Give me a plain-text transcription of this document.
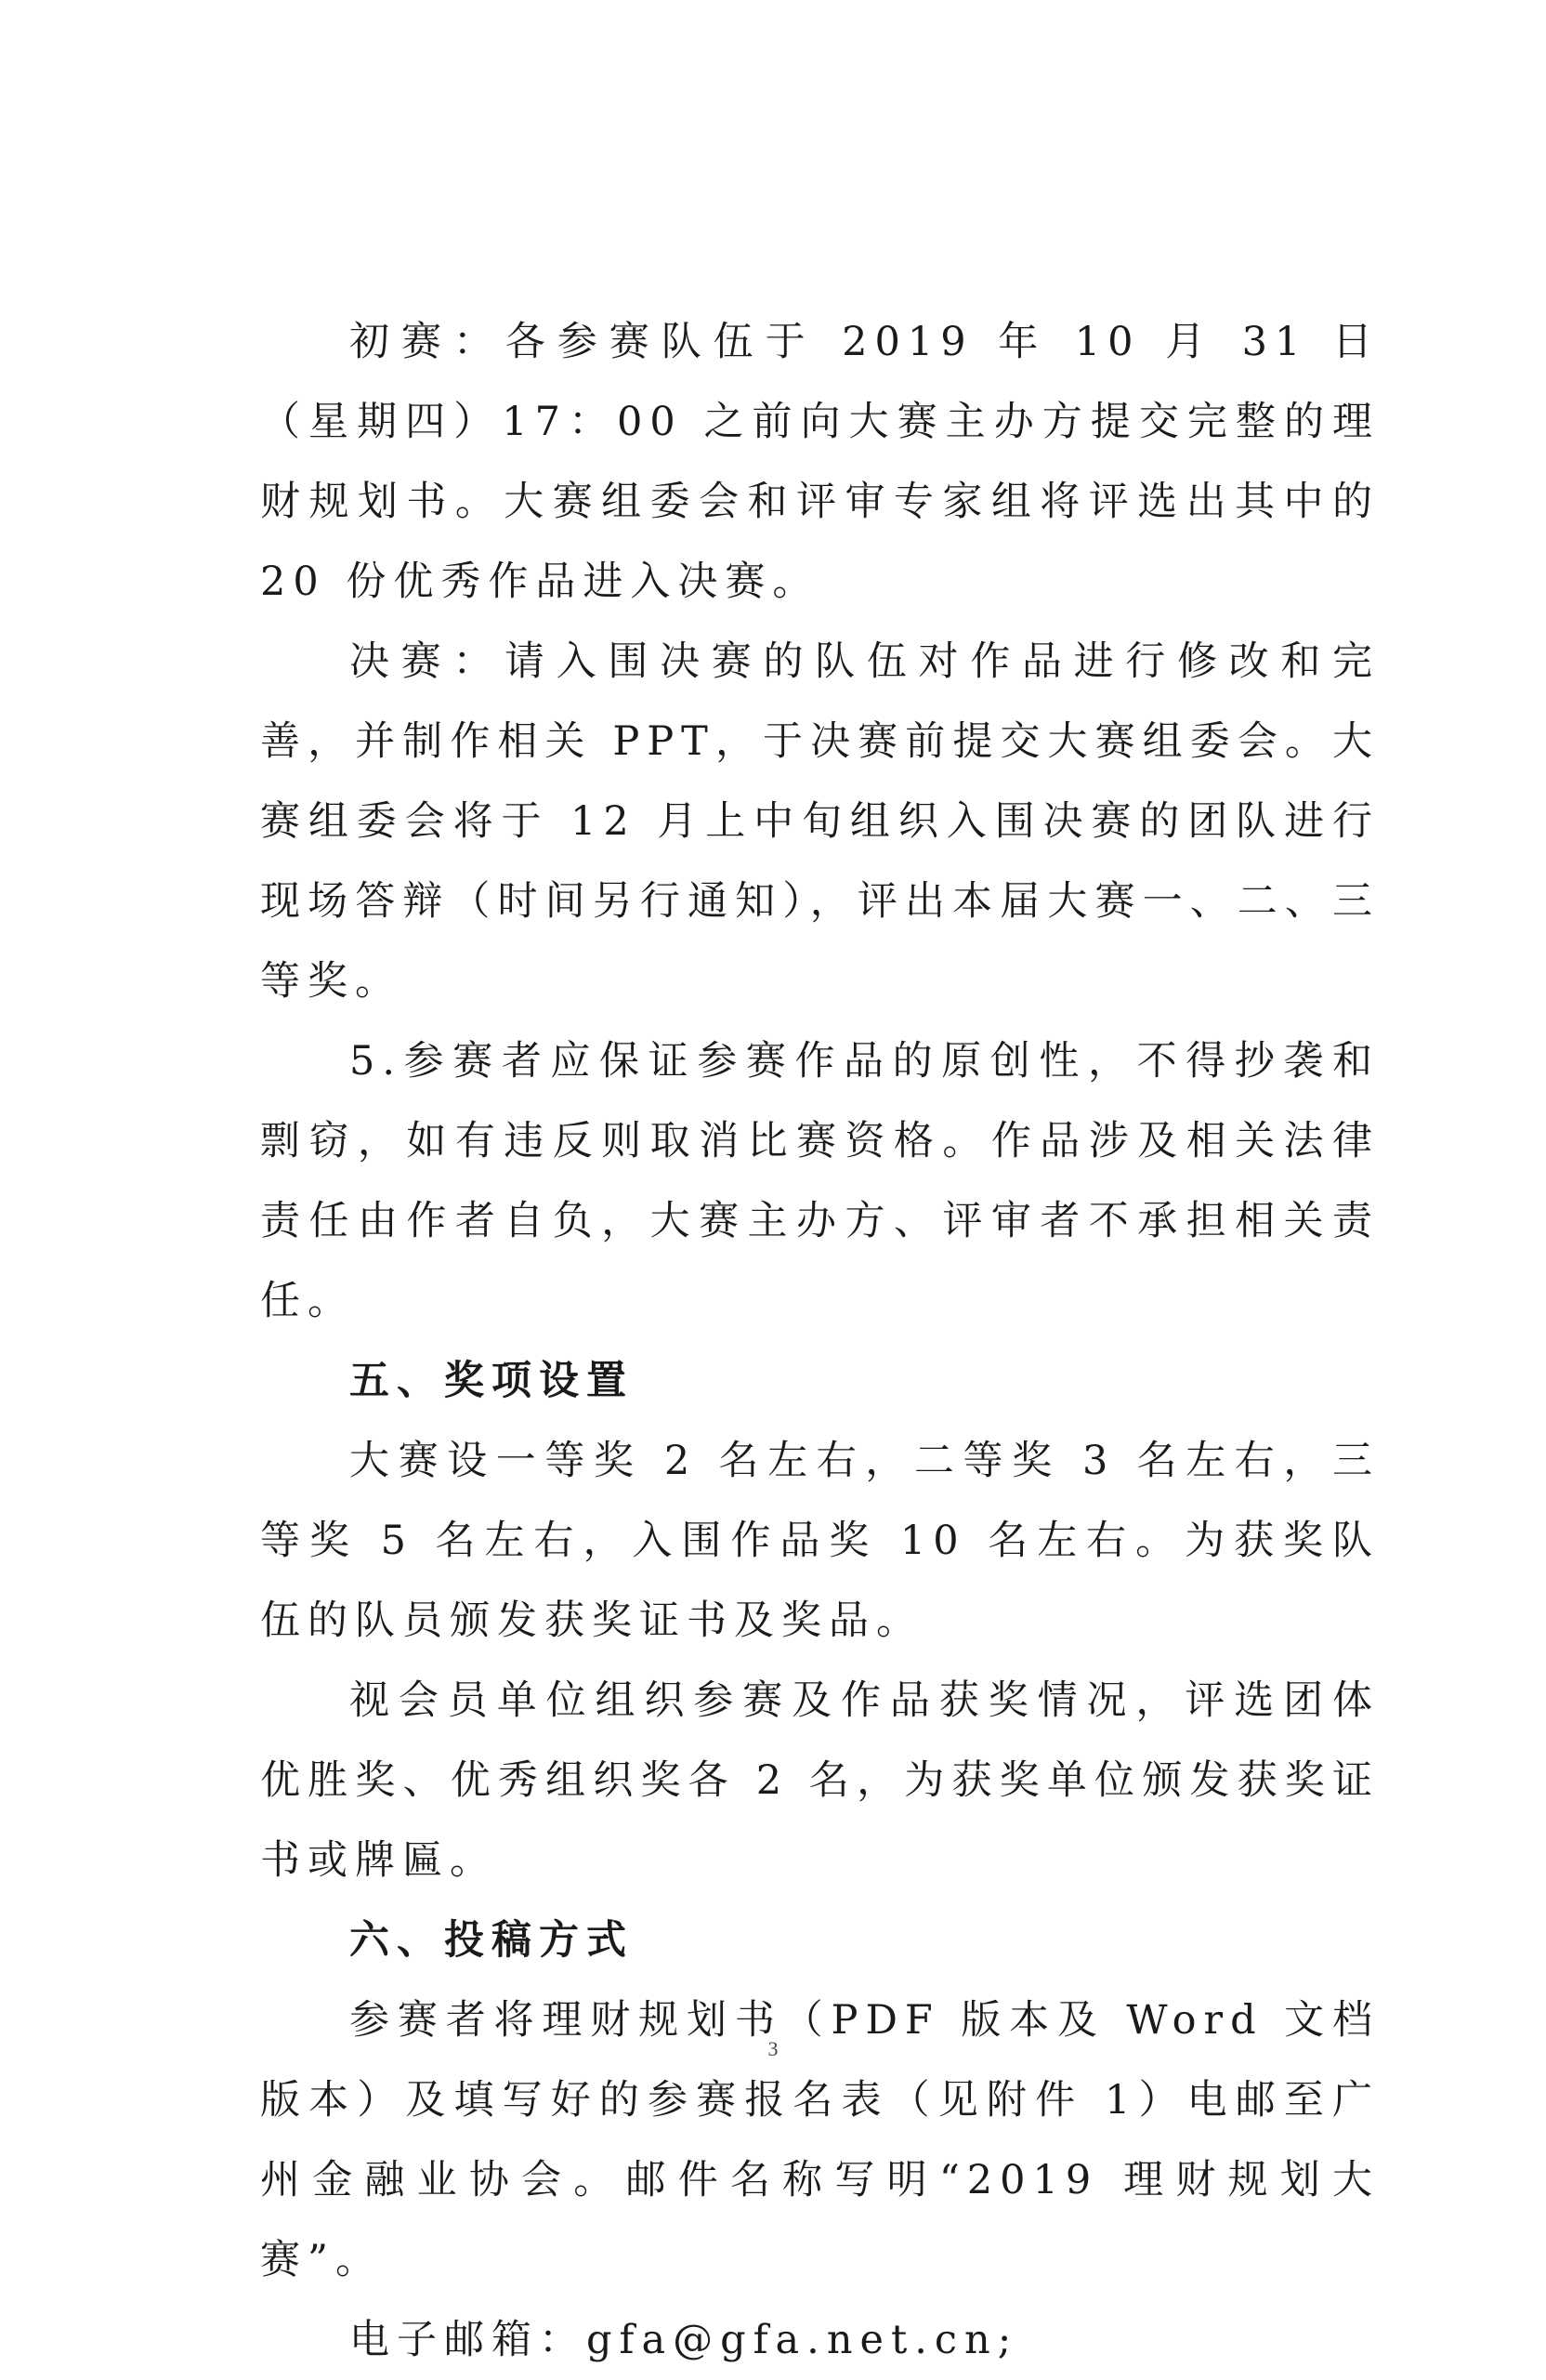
初赛：各参赛队伍于 2019 年 10 月 31 日（星期四）17：00 之前向大赛主办方提交完整的理财规划书。大赛组委会和评审专家组将评选出其中的 20 份优秀作品进入决赛。

决赛：请入围决赛的队伍对作品进行修改和完善，并制作相关 PPT，于决赛前提交大赛组委会。大赛组委会将于 12 月上中旬组织入围决赛的团队进行现场答辩（时间另行通知），评出本届大赛一、二、三等奖。

5.参赛者应保证参赛作品的原创性，不得抄袭和剽窃，如有违反则取消比赛资格。作品涉及相关法律责任由作者自负，大赛主办方、评审者不承担相关责任。

五、奖项设置

大赛设一等奖 2 名左右，二等奖 3 名左右，三等奖 5 名左右，入围作品奖 10 名左右。为获奖队伍的队员颁发获奖证书及奖品。

视会员单位组织参赛及作品获奖情况，评选团体优胜奖、优秀组织奖各 2 名，为获奖单位颁发获奖证书或牌匾。

六、投稿方式

参赛者将理财规划书（PDF 版本及 Word 文档版本）及填写好的参赛报名表（见附件 1）电邮至广州金融业协会。邮件名称写明“2019 理财规划大赛”。

电子邮箱：gfa@gfa.net.cn;

3
